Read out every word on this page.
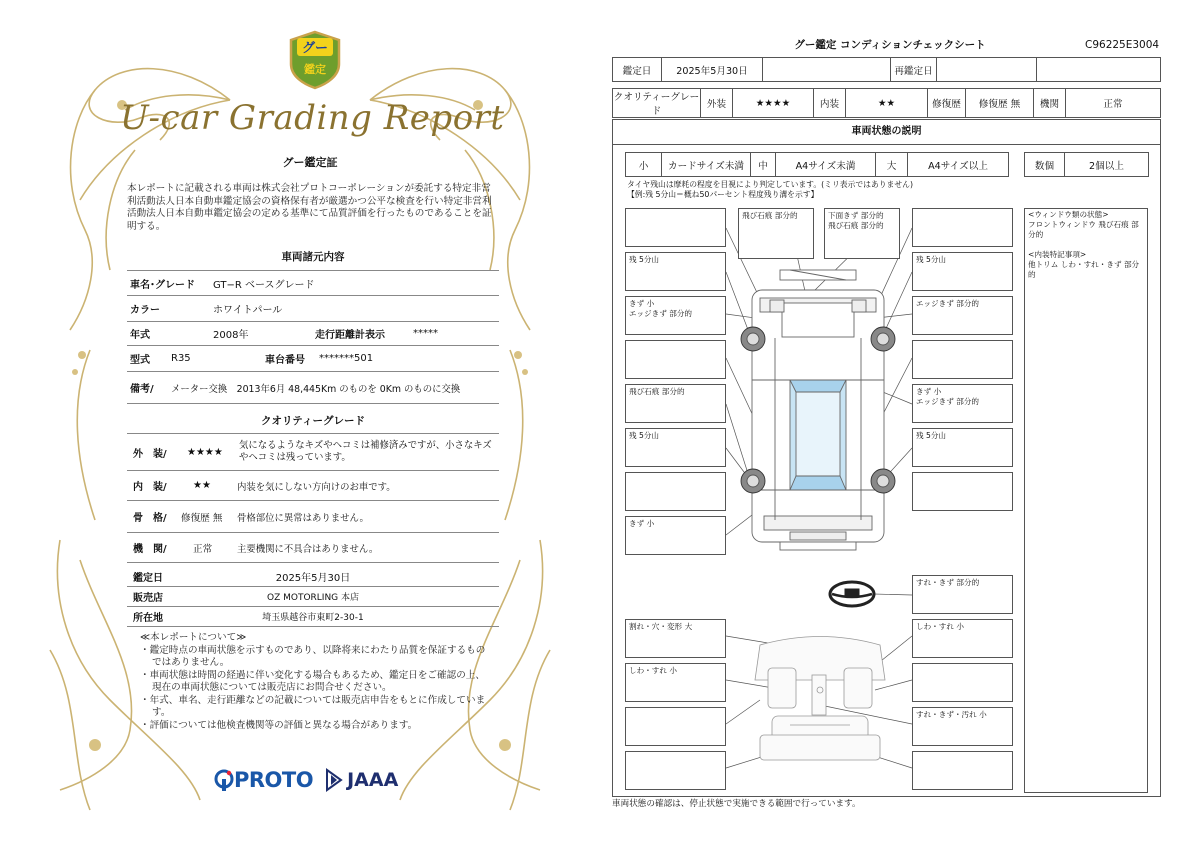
グー
鑑定
U-car Grading Report
グー鑑定証
本レポートに記載される車両は株式会社プロトコーポレーションが委託する特定非営利活動法人日本自動車鑑定協会の資格保有者が厳選かつ公平な検査を行い特定非営利活動法人日本自動車鑑定協会の定める基準にて品質評価を行ったものであることを証明する。
車両諸元内容
車名･グレード	GT−R ベースグレード
カラー	ホワイトパール
年式	2008年	走行距離計表示	*****
型式	R35	車台番号	*******501
備考/	メーター交換　2013年6月 48,445Km のものを 0Km のものに交換
クオリティーグレード
外　装/	★★★★
気になるようなキズやヘコミは補修済みですが、小さなキズやヘコミは残っています。
内　装/	★★	内装を気にしない方向けのお車です。
骨　格/	修復歴 無	骨格部位に異常はありません。
機　関/	正常	主要機関に不具合はありません。
鑑定日	2025年5月30日
販売店	OZ MOTORLING 本店
所在地	埼玉県越谷市東町2-30-1
≪本レポートについて≫
・鑑定時点の車両状態を示すものであり、以降将来にわたり品質を保証するものではありません。
・車両状態は時間の経過に伴い変化する場合もあるため、鑑定日をご確認の上、現在の車両状態については販売店にお問合せください。
・年式、車名、走行距離などの記載については販売店申告をもとに作成しています。
・評価については他検査機関等の評価と異なる場合があります。
PROTO JAAA
グー鑑定 コンディションチェックシート	C96225E3004
鑑定日	2025年5月30日		再鑑定日		
クオリティーグレード	外装	★★★★	内装	★★	修復歴	修復歴 無	機関	正常
車両状態の説明
小	カードサイズ未満	中	A4サイズ未満	大	A4サイズ以上	数個	2個以上
タイヤ残山は摩耗の程度を目視により判定しています。(ミリ表示ではありません)
【例:残 5分山＝概ね50パーセント程度残り溝を示す】
残 5分山
きず 小
エッジきず 部分的
飛び石痕 部分的
残 5分山
きず 小
割れ・穴・変形 大
しわ・すれ 小
飛び石痕 部分的	下面きず 部分的
飛び石痕 部分的
残 5分山
エッジきず 部分的
きず 小
エッジきず 部分的
残 5分山
すれ・きず 部分的
しわ・すれ 小
すれ・きず・汚れ 小
<ウィンドウ類の状態>
フロントウィンドウ 飛び石痕 部分的
<内装特記事項>
他トリム しわ・すれ・きず 部分的
車両状態の確認は、停止状態で実施できる範囲で行っています。
